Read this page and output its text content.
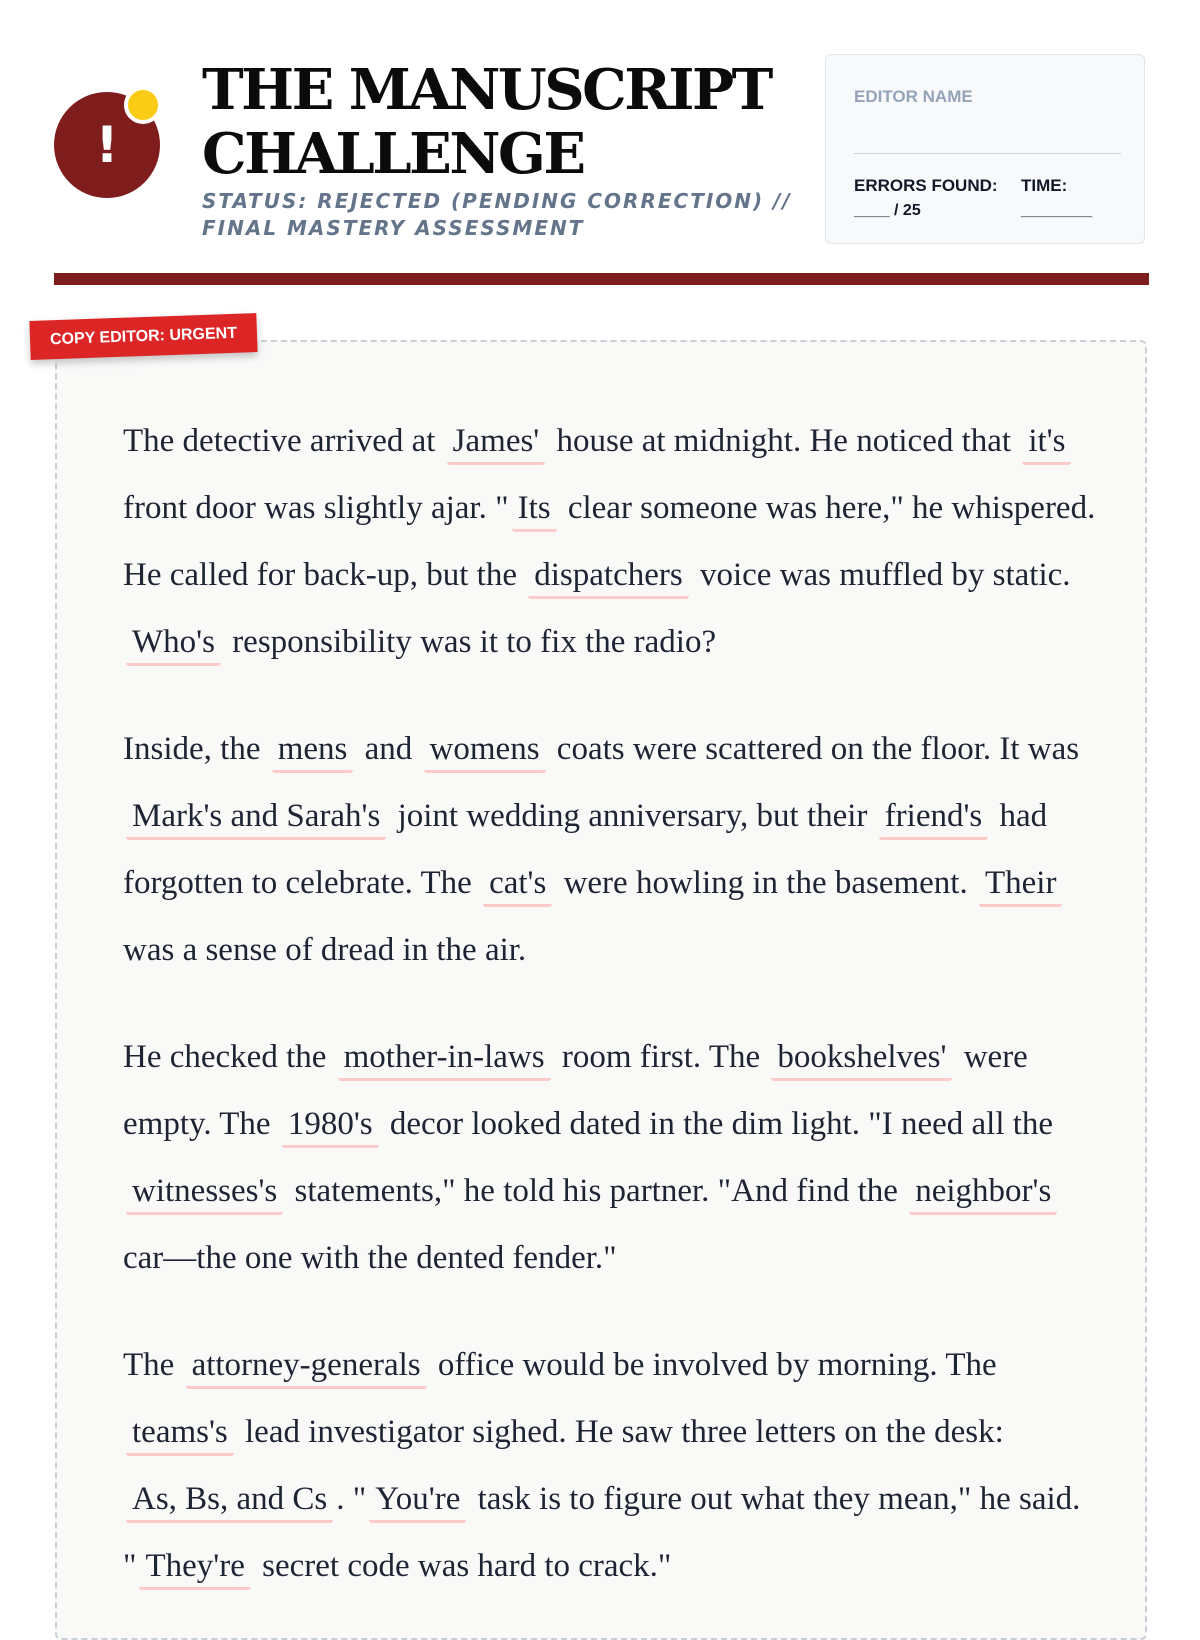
!
THE MANUSCRIPT CHALLENGE
STATUS: REJECTED (PENDING CORRECTION) // FINAL MASTERY ASSESSMENT
EDITOR NAME
ERRORS FOUND:
____ / 25
TIME:
________
COPY EDITOR: URGENT

The detective arrived at James' house at midnight. He noticed that it's front door was slightly ajar. " Its clear someone was here," he whispered. He called for back-up, but the dispatchers voice was muffled by static. Who's responsibility was it to fix the radio?

Inside, the mens and womens coats were scattered on the floor. It was Mark's and Sarah's joint wedding anniversary, but their friend's had forgotten to celebrate. The cat's were howling in the basement. Their was a sense of dread in the air.

He checked the mother-in-laws room first. The bookshelves' were empty. The 1980's decor looked dated in the dim light. "I need all the witnesses's statements," he told his partner. "And find the neighbor's car—the one with the dented fender."

The attorney-generals office would be involved by morning. The teams's lead investigator sighed. He saw three letters on the desk: As, Bs, and Cs . " You're task is to figure out what they mean," he said. " They're secret code was hard to crack."
